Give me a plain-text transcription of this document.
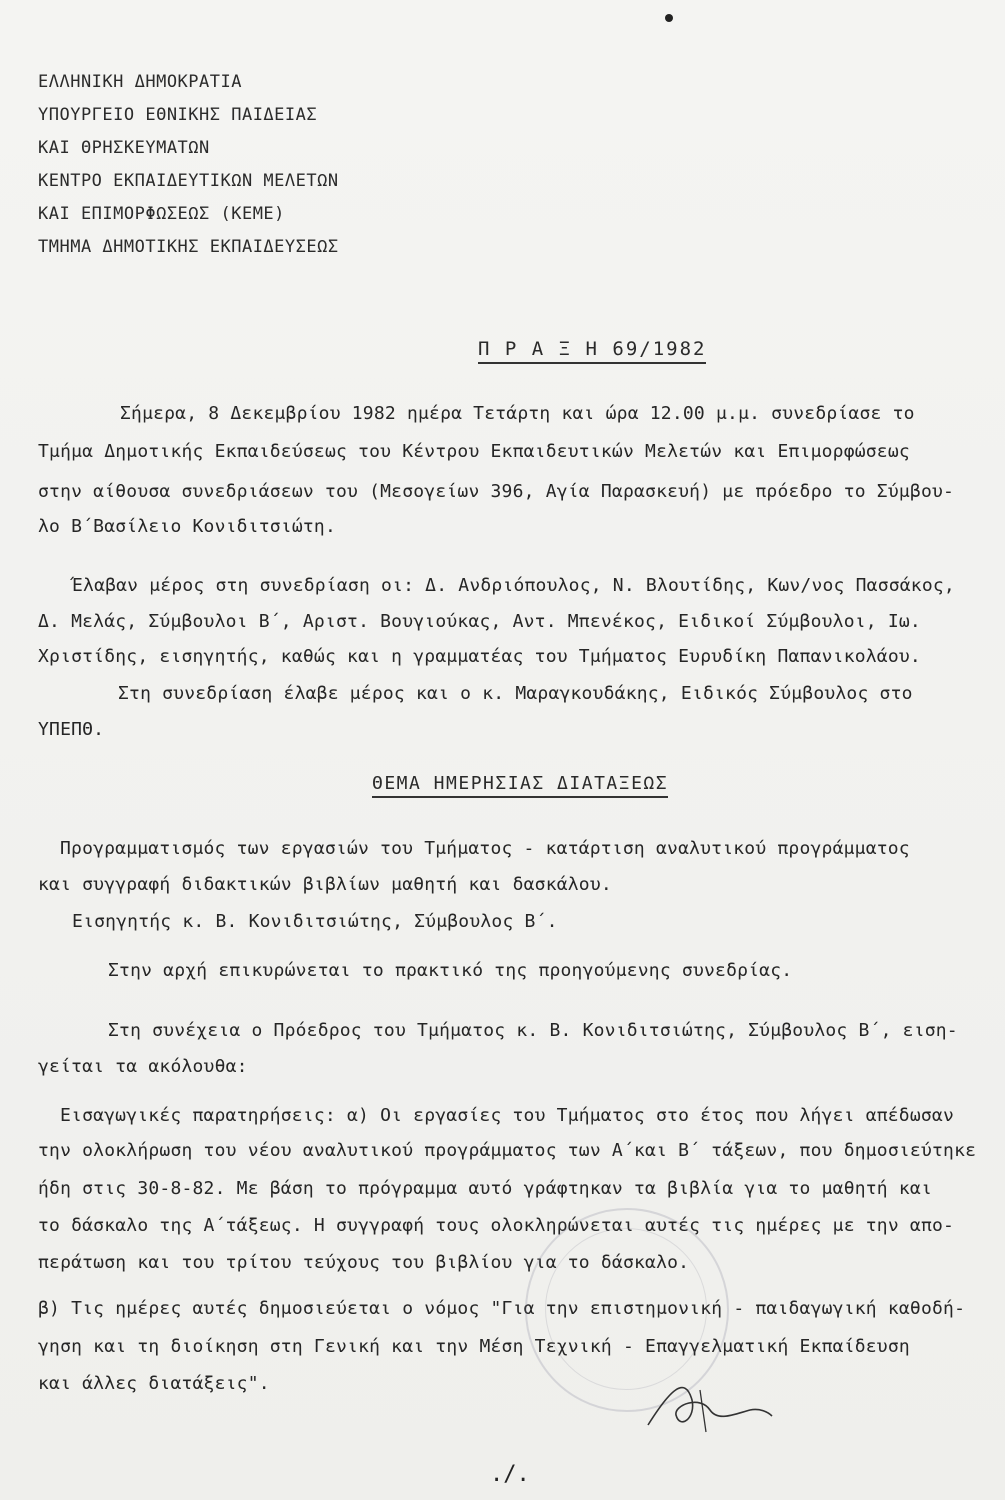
ΕΛΛΗΝΙΚΗ ΔΗΜΟΚΡΑΤΙΑ
ΥΠΟΥΡΓΕΙΟ ΕΘΝΙΚΗΣ ΠΑΙΔΕΙΑΣ
ΚΑΙ ΘΡΗΣΚΕΥΜΑΤΩΝ
ΚΕΝΤΡΟ ΕΚΠΑΙΔΕΥΤΙΚΩΝ ΜΕΛΕΤΩΝ
ΚΑΙ ΕΠΙΜΟΡΦΩΣΕΩΣ (ΚΕΜΕ)
ΤΜΗΜΑ ΔΗΜΟΤΙΚΗΣ ΕΚΠΑΙΔΕΥΣΕΩΣ
Π Ρ Α Ξ Η 69/1982
Σήμερα, 8 Δεκεμβρίου 1982 ημέρα Τετάρτη και ώρα 12.00 μ.μ. συνεδρίασε το
Τμήμα Δημοτικής Εκπαιδεύσεως του Κέντρου Εκπαιδευτικών Μελετών και Επιμορφώσεως
στην αίθουσα συνεδριάσεων του (Μεσογείων 396, Αγία Παρασκευή) με πρόεδρο το Σύμβου-
λο Β΄Βασίλειο Κονιδιτσιώτη.
Έλαβαν μέρος στη συνεδρίαση οι: Δ. Ανδριόπουλος, Ν. Βλουτίδης, Κων/νος Πασσάκος,
Δ. Μελάς, Σύμβουλοι Β΄, Αριστ. Βουγιούκας, Αντ. Μπενέκος, Ειδικοί Σύμβουλοι, Ιω.
Χριστίδης, εισηγητής, καθώς και η γραμματέας του Τμήματος Ευρυδίκη Παπανικολάου.
Στη συνεδρίαση έλαβε μέρος και ο κ. Μαραγκουδάκης, Ειδικός Σύμβουλος στο
ΥΠΕΠΘ.
ΘΕΜΑ ΗΜΕΡΗΣΙΑΣ ΔΙΑΤΑΞΕΩΣ
Προγραμματισμός των εργασιών του Τμήματος - κατάρτιση αναλυτικού προγράμματος
και συγγραφή διδακτικών βιβλίων μαθητή και δασκάλου.
Εισηγητής κ. Β. Κονιδιτσιώτης, Σύμβουλος Β΄.
Στην αρχή επικυρώνεται το πρακτικό της προηγούμενης συνεδρίας.
Στη συνέχεια ο Πρόεδρος του Τμήματος κ. Β. Κονιδιτσιώτης, Σύμβουλος Β΄, ειση-
γείται τα ακόλουθα:
Εισαγωγικές παρατηρήσεις: α) Οι εργασίες του Τμήματος στο έτος που λήγει απέδωσαν
την ολοκλήρωση του νέου αναλυτικού προγράμματος των Α΄και Β΄ τάξεων, που δημοσιεύτηκε
ήδη στις 30-8-82. Με βάση το πρόγραμμα αυτό γράφτηκαν τα βιβλία για το μαθητή και
το δάσκαλο της Α΄τάξεως. Η συγγραφή τους ολοκληρώνεται αυτές τις ημέρες με την απο-
περάτωση και του τρίτου τεύχους του βιβλίου για το δάσκαλο.
β) Τις ημέρες αυτές δημοσιεύεται ο νόμος "Για την επιστημονική - παιδαγωγική καθοδή-
γηση και τη διοίκηση στη Γενική και την Μέση Τεχνική - Επαγγελματική Εκπαίδευση
και άλλες διατάξεις".
./.
